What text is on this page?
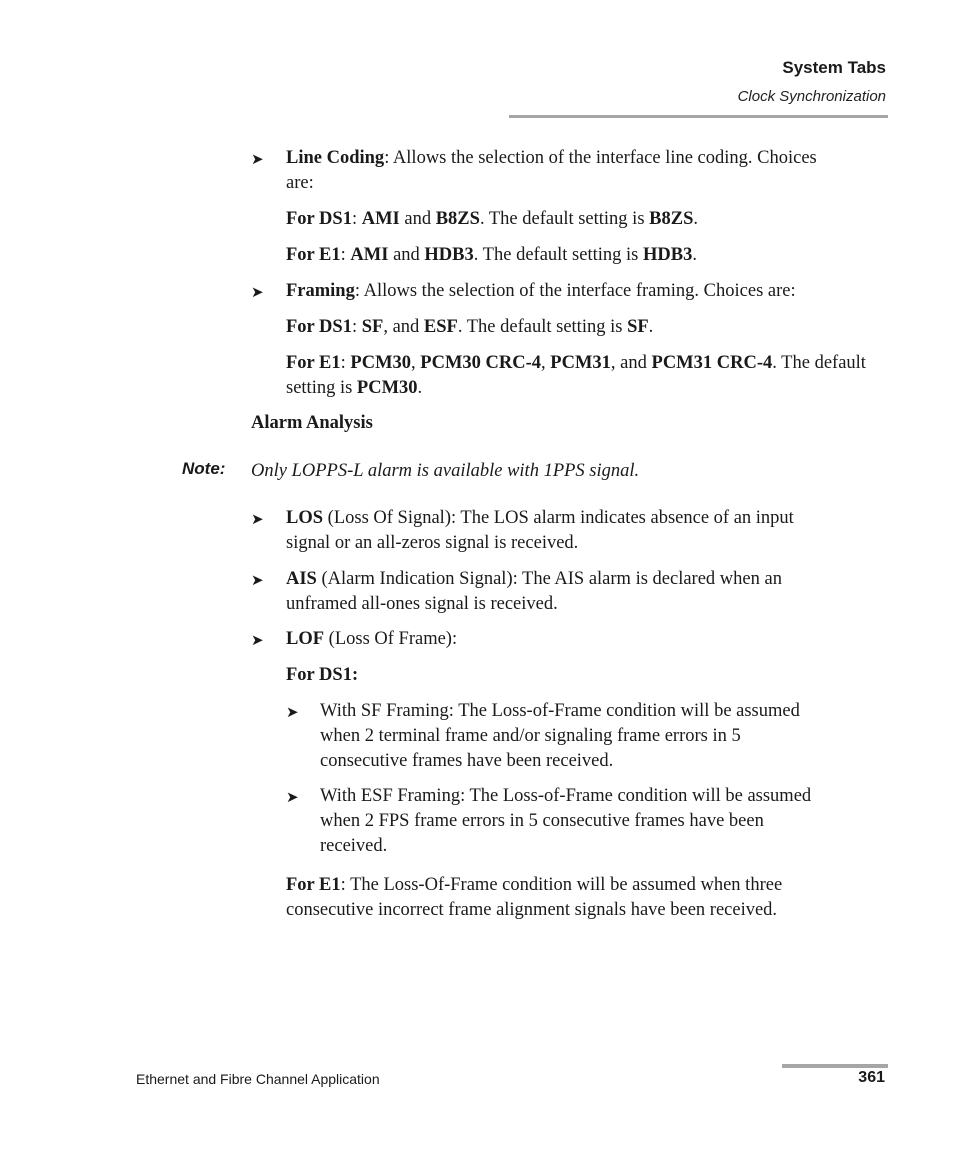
System Tabs
Clock Synchronization
➤ Line Coding: Allows the selection of the interface line coding. Choices
are:
For DS1: AMI and B8ZS. The default setting is B8ZS.
For E1: AMI and HDB3. The default setting is HDB3.
➤ Framing: Allows the selection of the interface framing. Choices are:
For DS1: SF, and ESF. The default setting is SF.
For E1: PCM30, PCM30 CRC-4, PCM31, and PCM31 CRC-4. The default
setting is PCM30.
Alarm Analysis
Note: Only LOPPS-L alarm is available with 1PPS signal.
➤ LOS (Loss Of Signal): The LOS alarm indicates absence of an input
signal or an all-zeros signal is received.
➤ AIS (Alarm Indication Signal): The AIS alarm is declared when an
unframed all-ones signal is received.
➤ LOF (Loss Of Frame):
For DS1:
➤ With SF Framing: The Loss-of-Frame condition will be assumed
when 2 terminal frame and/or signaling frame errors in 5
consecutive frames have been received.
➤ With ESF Framing: The Loss-of-Frame condition will be assumed
when 2 FPS frame errors in 5 consecutive frames have been
received.
For E1: The Loss-Of-Frame condition will be assumed when three
consecutive incorrect frame alignment signals have been received.
Ethernet and Fibre Channel Application	361
